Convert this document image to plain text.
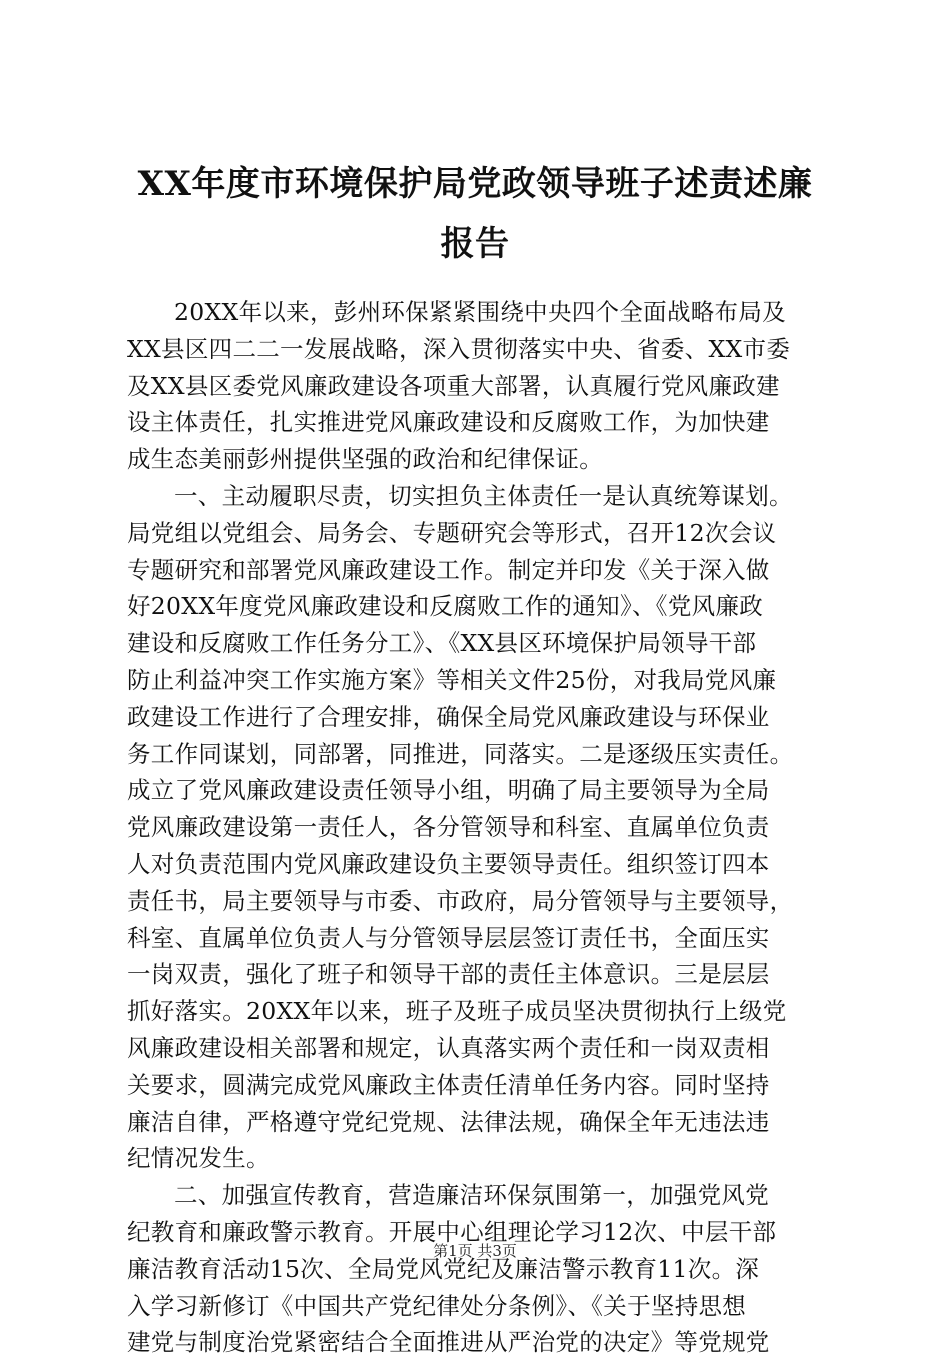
XX年度市环境保护局党政领导班子述责述廉
报告
20XX年以来，彭州环保紧紧围绕中央四个全面战略布局及
XX县区四二二一发展战略，深入贯彻落实中央、省委、XX市委
及XX县区委党风廉政建设各项重大部署，认真履行党风廉政建
设主体责任，扎实推进党风廉政建设和反腐败工作，为加快建
成生态美丽彭州提供坚强的政治和纪律保证。
一、主动履职尽责，切实担负主体责任一是认真统筹谋划。
局党组以党组会、局务会、专题研究会等形式，召开12次会议
专题研究和部署党风廉政建设工作。制定并印发《关于深入做
好20XX年度党风廉政建设和反腐败工作的通知》、《党风廉政
建设和反腐败工作任务分工》、《XX县区环境保护局领导干部
防止利益冲突工作实施方案》等相关文件25份，对我局党风廉
政建设工作进行了合理安排，确保全局党风廉政建设与环保业
务工作同谋划，同部署，同推进，同落实。二是逐级压实责任。
成立了党风廉政建设责任领导小组，明确了局主要领导为全局
党风廉政建设第一责任人，各分管领导和科室、直属单位负责
人对负责范围内党风廉政建设负主要领导责任。组织签订四本
责任书，局主要领导与市委、市政府，局分管领导与主要领导，
科室、直属单位负责人与分管领导层层签订责任书，全面压实
一岗双责，强化了班子和领导干部的责任主体意识。三是层层
抓好落实。20XX年以来，班子及班子成员坚决贯彻执行上级党
风廉政建设相关部署和规定，认真落实两个责任和一岗双责相
关要求，圆满完成党风廉政主体责任清单任务内容。同时坚持
廉洁自律，严格遵守党纪党规、法律法规，确保全年无违法违
纪情况发生。
二、加强宣传教育，营造廉洁环保氛围第一，加强党风党
纪教育和廉政警示教育。开展中心组理论学习12次、中层干部
廉洁教育活动15次、全局党风党纪及廉洁警示教育11次。深
入学习新修订《中国共产党纪律处分条例》、《关于坚持思想
建党与制度治党紧密结合全面推进从严治党的决定》等党规党
第1页 共3页
